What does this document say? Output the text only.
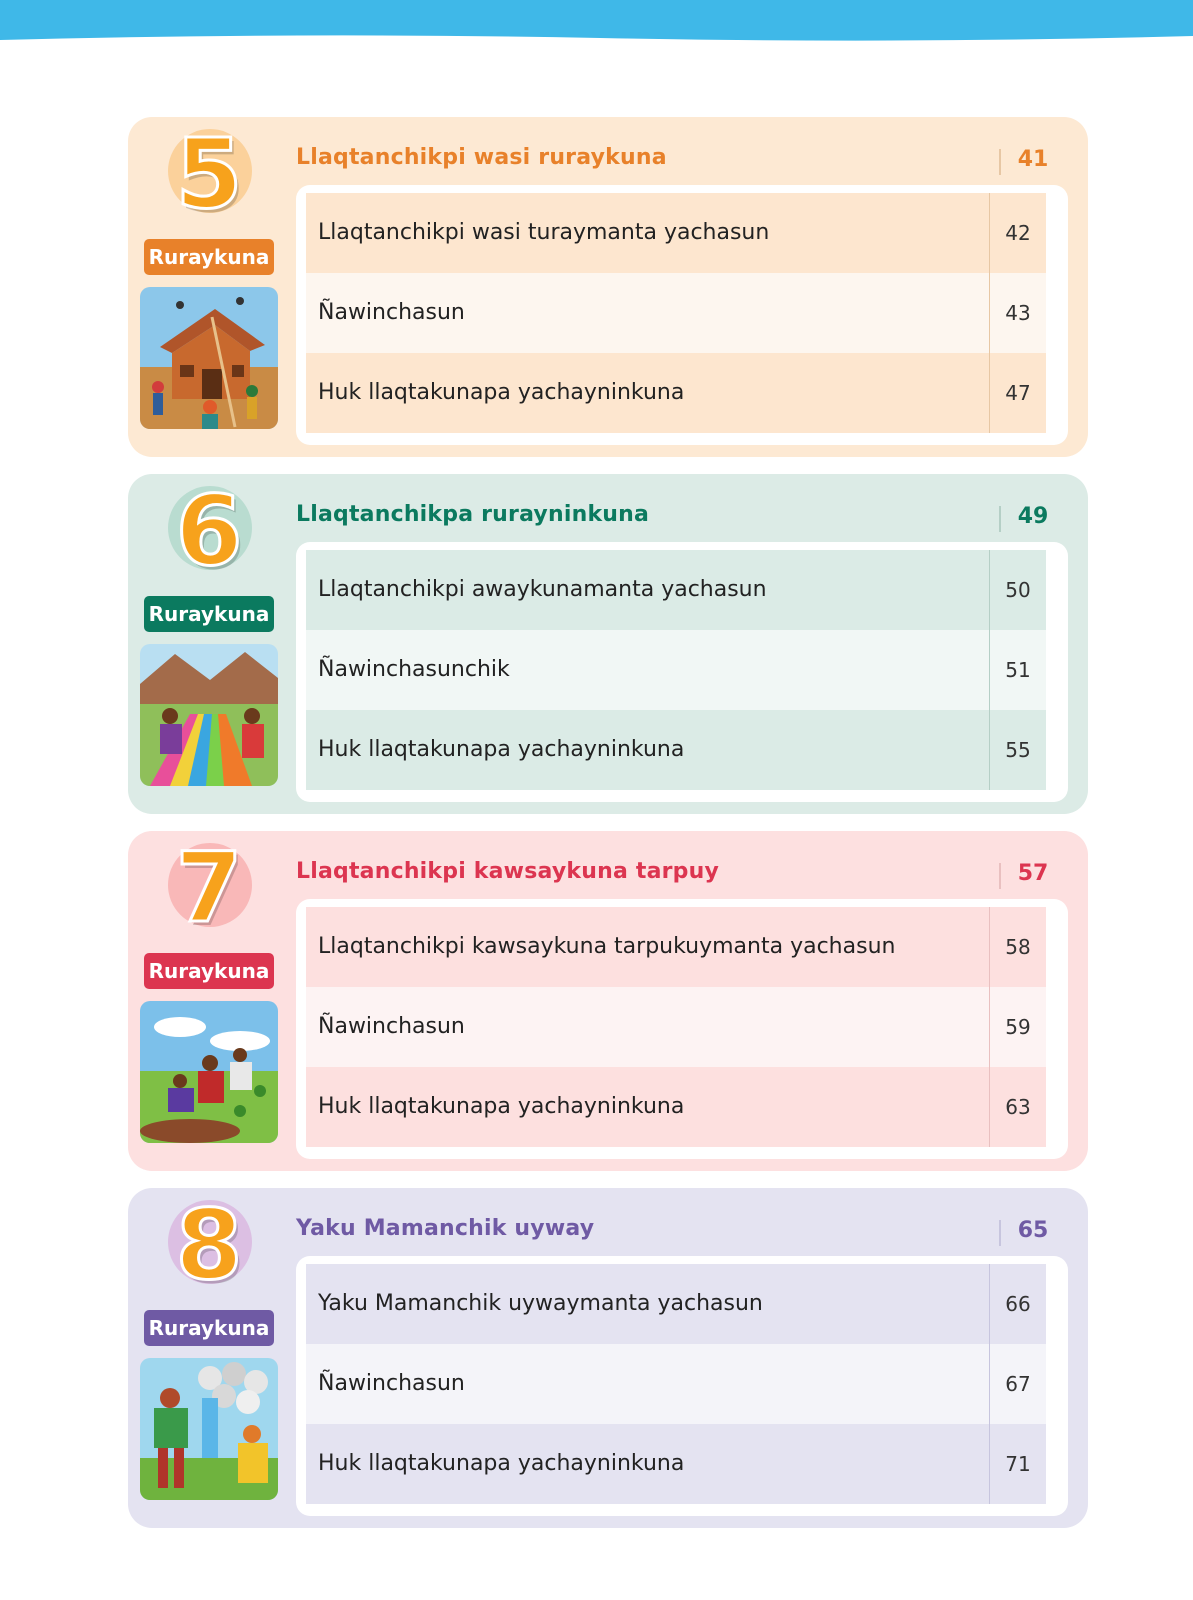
5
Ruraykuna
Llaqtanchikpi wasi ruraykuna	41
Llaqtanchikpi wasi turaymanta yachasun	42
Ñawinchasun	43
Huk llaqtakunapa yachayninkuna	47
6
Ruraykuna
Llaqtanchikpa rurayninkuna	49
Llaqtanchikpi awaykunamanta yachasun	50
Ñawinchasunchik	51
Huk llaqtakunapa yachayninkuna	55
7
Ruraykuna
Llaqtanchikpi kawsaykuna tarpuy	57
Llaqtanchikpi kawsaykuna tarpukuymanta yachasun	58
Ñawinchasun	59
Huk llaqtakunapa yachayninkuna	63
8
Ruraykuna
Yaku Mamanchik uyway	65
Yaku Mamanchik uywaymanta yachasun	66
Ñawinchasun	67
Huk llaqtakunapa yachayninkuna	71
